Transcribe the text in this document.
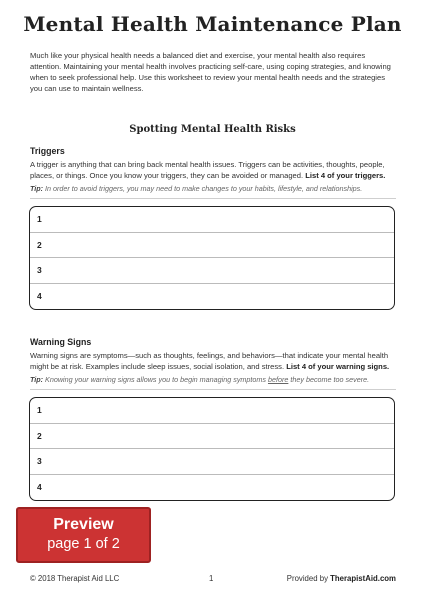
Mental Health Maintenance Plan
Much like your physical health needs a balanced diet and exercise, your mental health also requires attention. Maintaining your mental health involves practicing self-care, using coping strategies, and knowing when to seek professional help. Use this worksheet to review your mental health needs and the strategies you can use to maintain wellness.
Spotting Mental Health Risks
Triggers
A trigger is anything that can bring back mental health issues. Triggers can be activities, thoughts, people, places, or things. Once you know your triggers, they can be avoided or managed. List 4 of your triggers.
Tip: In order to avoid triggers, you may need to make changes to your habits, lifestyle, and relationships.
1
2
3
4
Warning Signs
Warning signs are symptoms—such as thoughts, feelings, and behaviors—that indicate your mental health might be at risk. Examples include sleep issues, social isolation, and stress. List 4 of your warning signs.
Tip: Knowing your warning signs allows you to begin managing symptoms before they become too severe.
1
2
3
4
Preview
page 1 of 2
© 2018 Therapist Aid LLC	1	Provided by TherapistAid.com
